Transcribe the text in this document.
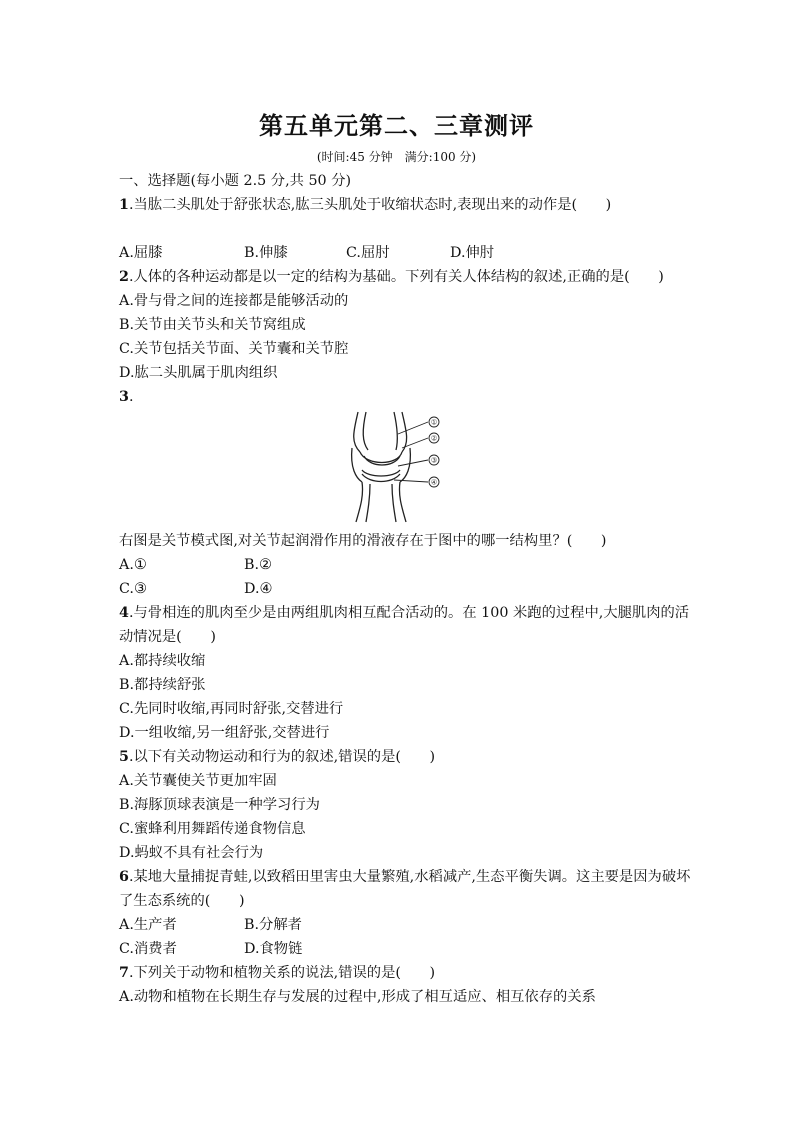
第五单元第二、三章测评
(时间:45 分钟　满分:100 分)
一、选择题(每小题 2.5 分,共 50 分)
1.当肱二头肌处于舒张状态,肱三头肌处于收缩状态时,表现出来的动作是(　　)
A.屈膝	B.伸膝	C.屈肘	D.伸肘
2.人体的各种运动都是以一定的结构为基础。下列有关人体结构的叙述,正确的是(　　)
A.骨与骨之间的连接都是能够活动的
B.关节由关节头和关节窝组成
C.关节包括关节面、关节囊和关节腔
D.肱二头肌属于肌肉组织
3.
①
②
③
④
右图是关节模式图,对关节起润滑作用的滑液存在于图中的哪一结构里？(　　)
A.①	B.②
C.③	D.④
4.与骨相连的肌肉至少是由两组肌肉相互配合活动的。在 100 米跑的过程中,大腿肌肉的活
动情况是(　　)
A.都持续收缩
B.都持续舒张
C.先同时收缩,再同时舒张,交替进行
D.一组收缩,另一组舒张,交替进行
5.以下有关动物运动和行为的叙述,错误的是(　　)
A.关节囊使关节更加牢固
B.海豚顶球表演是一种学习行为
C.蜜蜂利用舞蹈传递食物信息
D.蚂蚁不具有社会行为
6.某地大量捕捉青蛙,以致稻田里害虫大量繁殖,水稻减产,生态平衡失调。这主要是因为破坏
了生态系统的(　　)
A.生产者	B.分解者
C.消费者	D.食物链
7.下列关于动物和植物关系的说法,错误的是(　　)
A.动物和植物在长期生存与发展的过程中,形成了相互适应、相互依存的关系
